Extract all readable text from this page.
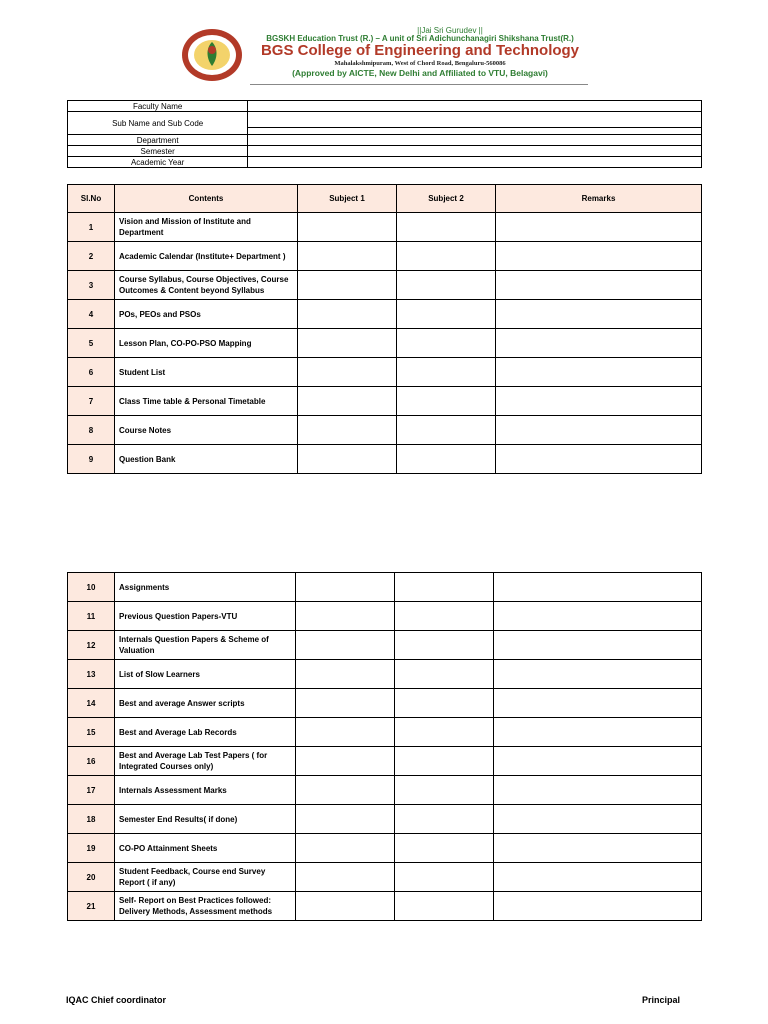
||Jai Sri Gurudev ||
BGSKH Education Trust (R.) – A unit of Sri Adichunchanagiri Shikshana Trust(R.)
BGS College of Engineering and Technology
Mahalakshmipuram, West of Chord Road, Bengaluru-560086
(Approved by AICTE, New Delhi and Affiliated to VTU, Belagavi)
Faculty Name	
Sub Name and Sub Code	

Department	
Semester	
Academic Year	
Sl.No	Contents	Subject 1	Subject 2	Remarks
1	Vision and Mission of Institute and Department			
2	Academic Calendar (Institute+ Department )			
3	Course Syllabus, Course Objectives, Course Outcomes & Content beyond Syllabus			
4	POs, PEOs and PSOs			
5	Lesson Plan, CO-PO-PSO Mapping			
6	Student List			
7	Class Time table & Personal Timetable			
8	Course Notes			
9	Question Bank			
10	Assignments			
11	Previous Question Papers-VTU			
12	Internals Question Papers & Scheme of Valuation			
13	List of Slow Learners			
14	Best and average Answer scripts			
15	Best and Average Lab Records			
16	Best and Average Lab Test Papers ( for Integrated Courses only)			
17	Internals Assessment Marks			
18	Semester End Results( if done)			
19	CO-PO Attainment Sheets			
20	Student Feedback, Course end Survey Report ( if any)			
21	Self- Report on Best Practices followed: Delivery Methods, Assessment methods			
IQAC Chief coordinator	Principal
